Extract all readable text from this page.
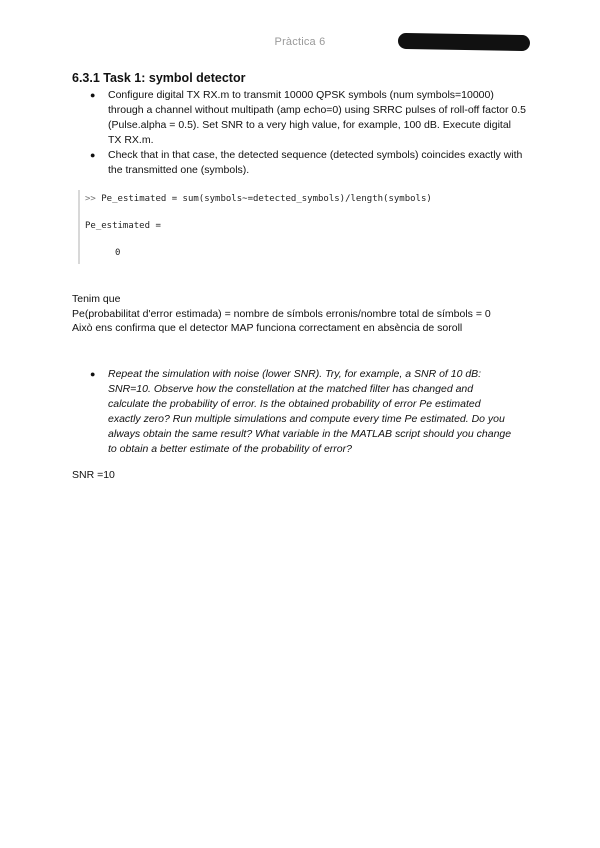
Pràctica 6
6.3.1 Task 1: symbol detector
● Configure digital TX RX.m to transmit 10000 QPSK symbols (num symbols=10000) through a channel without multipath (amp echo=0) using SRRC pulses of roll-off factor 0.5 (Pulse.alpha = 0.5). Set SNR to a very high value, for example, 100 dB. Execute digital TX RX.m.
● Check that in that case, the detected sequence (detected symbols) coincides exactly with the transmitted one (symbols).
>> Pe_estimated = sum(symbols~=detected_symbols)/length(symbols)
Pe_estimated =
0

Tenim que

Pe(probabilitat d'error estimada) = nombre de símbols erronis/nombre total de símbols = 0

Això ens confirma que el detector MAP funciona correctament en absència de soroll

● Repeat the simulation with noise (lower SNR). Try, for example, a SNR of 10 dB: SNR=10. Observe how the constellation at the matched filter has changed and calculate the probability of error. Is the obtained probability of error Pe estimated exactly zero? Run multiple simulations and compute every time Pe estimated. Do you always obtain the same result? What variable in the MATLAB script should you change to obtain a better estimate of the probability of error?

SNR =10
